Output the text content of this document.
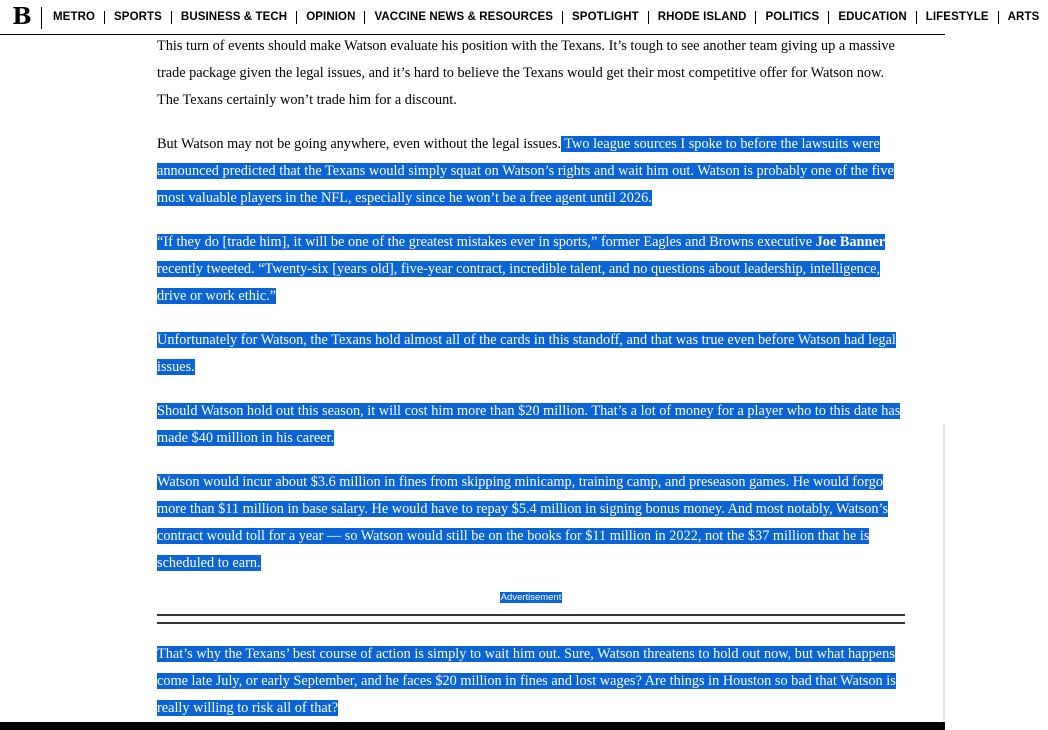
B	METRO	SPORTS	BUSINESS & TECH	OPINION	VACCINE NEWS & RESOURCES	SPOTLIGHT	RHODE ISLAND	POLITICS	EDUCATION	LIFESTYLE	ARTS

This turn of events should make Watson evaluate his position with the Texans. It’s tough to see another team giving up a massive trade package given the legal issues, and it’s hard to believe the Texans would get their most competitive offer for Watson now. The Texans certainly won’t trade him for a discount.

But Watson may not be going anywhere, even without the legal issues. Two league sources I spoke to before the lawsuits were announced predicted that the Texans would simply squat on Watson’s rights and wait him out. Watson is probably one of the five most valuable players in the NFL, especially since he won’t be a free agent until 2026.

“If they do [trade him], it will be one of the greatest mistakes ever in sports,” former Eagles and Browns executive Joe Banner recently tweeted. “Twenty-six [years old], five-year contract, incredible talent, and no questions about leadership, intelligence, drive or work ethic.”

Unfortunately for Watson, the Texans hold almost all of the cards in this standoff, and that was true even before Watson had legal issues.

Should Watson hold out this season, it will cost him more than $20 million. That’s a lot of money for a player who to this date has made $40 million in his career.

Watson would incur about $3.6 million in fines from skipping minicamp, training camp, and preseason games. He would forgo more than $11 million in base salary. He would have to repay $5.4 million in signing bonus money. And most notably, Watson’s contract would toll for a year — so Watson would still be on the books for $11 million in 2022, not the $37 million that he is scheduled to earn.

Advertisement

That’s why the Texans’ best course of action is simply to wait him out. Sure, Watson threatens to hold out now, but what happens come late July, or early September, and he faces $20 million in fines and lost wages? Are things in Houston so bad that Watson is really willing to risk all of that?
